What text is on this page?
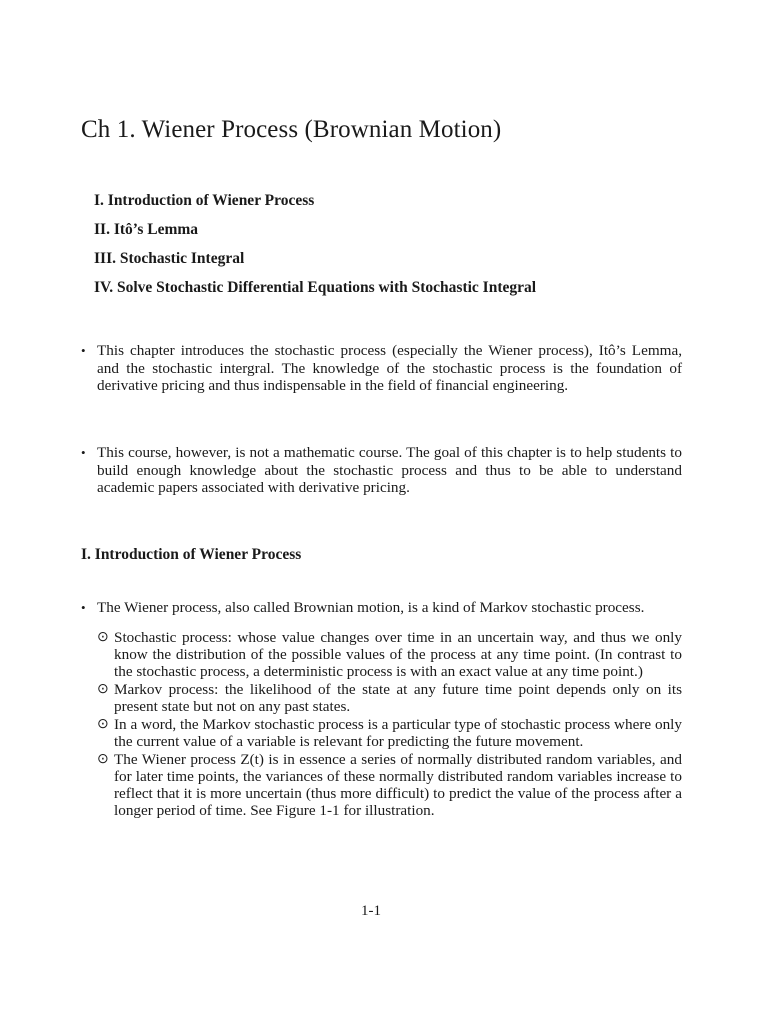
Ch 1. Wiener Process (Brownian Motion)
I. Introduction of Wiener Process
II. Itô’s Lemma
III. Stochastic Integral
IV. Solve Stochastic Differential Equations with Stochastic Integral
• This chapter introduces the stochastic process (especially the Wiener process), Itô’s Lemma, and the stochastic intergral. The knowledge of the stochastic process is the foundation of derivative pricing and thus indispensable in the field of financial engineering.
• This course, however, is not a mathematic course. The goal of this chapter is to help students to build enough knowledge about the stochastic process and thus to be able to understand academic papers associated with derivative pricing.
I. Introduction of Wiener Process
• The Wiener process, also called Brownian motion, is a kind of Markov stochastic process.
⊙ Stochastic process: whose value changes over time in an uncertain way, and thus we only know the distribution of the possible values of the process at any time point. (In contrast to the stochastic process, a deterministic process is with an exact value at any time point.)
⊙ Markov process: the likelihood of the state at any future time point depends only on its present state but not on any past states.
⊙ In a word, the Markov stochastic process is a particular type of stochastic process where only the current value of a variable is relevant for predicting the future movement.
⊙ The Wiener process Z(t) is in essence a series of normally distributed random variables, and for later time points, the variances of these normally distributed random variables increase to reflect that it is more uncertain (thus more difficult) to predict the value of the process after a longer period of time. See Figure 1-1 for illustration.
1-1
